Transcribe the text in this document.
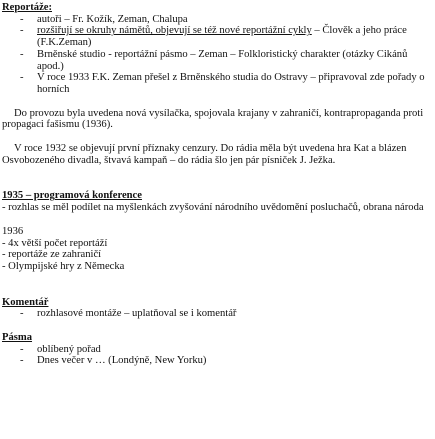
Reportáže:
- autoři – Fr. Kožík, Zeman, Chalupa
- rozšiřují se okruhy námětů, objevují se též nové reportážní cykly – Člověk a jeho práce (F.K.Zeman)
- Brněnské studio - reportážní pásmo – Zeman – Folkloristický charakter (otázky Cikánů apod.)
- V roce 1933 F.K. Zeman přešel z Brněnského studia do Ostravy – připravoval zde pořady o horních

Do provozu byla uvedena nová vysílačka, spojovala krajany v zahraničí, kontrapropaganda proti propagaci fašismu (1936).

V roce 1932 se objevují první příznaky cenzury. Do rádia měla být uvedena hra Kat a blázen Osvobozeného divadla, štvavá kampaň – do rádia šlo jen pár písniček J. Ježka.

1935 – programová konference

- rozhlas se měl podílet na myšlenkách zvyšování národního uvědomění posluchačů, obrana národa

1936
- 4x větší počet reportáží
- reportáže ze zahraničí
- Olympijské hry z Německa
Komentář
- rozhlasové montáže – uplatňoval se i komentář
Pásma
- oblíbený pořad
- Dnes večer v … (Londýně, New Yorku)
